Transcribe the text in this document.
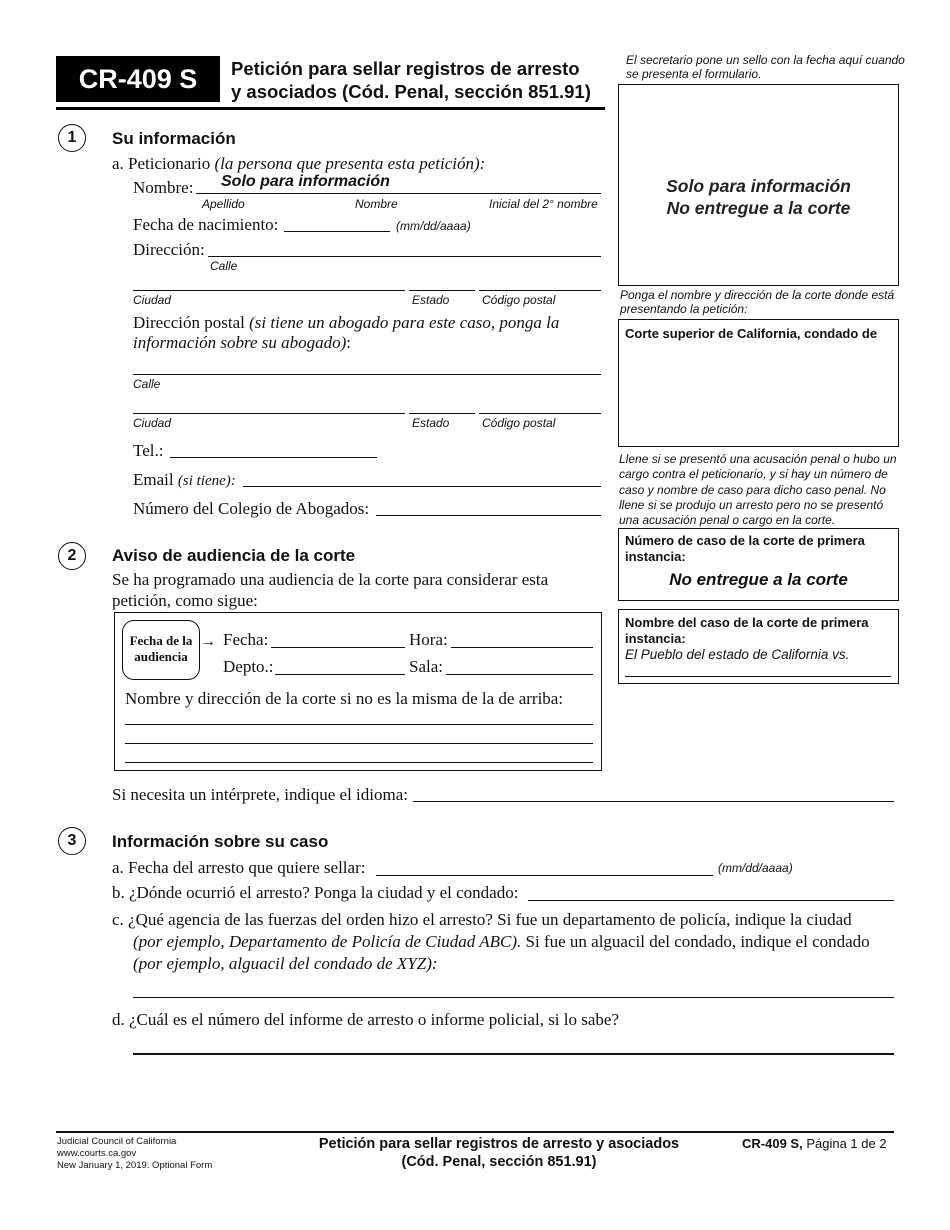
CR-409 S	Petición para sellar registros de arresto
y asociados (Cód. Penal, sección 851.91)
El secretario pone un sello con la fecha aquí cuando se presenta el formulario.
Solo para información
No entregue a la corte
Ponga el nombre y dirección de la corte donde está presentando la petición:
Corte superior de California, condado de
Llene si se presentó una acusación penal o hubo un cargo contra el peticionario, y si hay un número de caso y nombre de caso para dicho caso penal. No llene si se produjo un arresto pero no se presentó una acusación penal o cargo en la corte.
Número de caso de la corte de primera instancia:
No entregue a la corte
Nombre del caso de la corte de primera instancia:
El Pueblo del estado de California vs.
1	Su información
a. Peticionario (la persona que presenta esta petición):
Nombre: Solo para información
Apellido	Nombre	Inicial del 2° nombre
Fecha de nacimiento:	(mm/dd/aaaa)
Dirección:
Calle
Ciudad	Estado	Código postal
Dirección postal (si tiene un abogado para este caso, ponga la
información sobre su abogado):
Calle
Ciudad	Estado	Código postal
Tel.:
Email (si tiene):
Número del Colegio de Abogados:
2	Aviso de audiencia de la corte
Se ha programado una audiencia de la corte para considerar esta
petición, como sigue:
Fecha de la
audiencia
→ Fecha:	Hora:
Depto.:	Sala:
Nombre y dirección de la corte si no es la misma de la de arriba:
Si necesita un intérprete, indique el idioma:
3	Información sobre su caso
a. Fecha del arresto que quiere sellar:	(mm/dd/aaaa)
b. ¿Dónde ocurrió el arresto? Ponga la ciudad y el condado:
c. ¿Qué agencia de las fuerzas del orden hizo el arresto? Si fue un departamento de policía, indique la ciudad
(por ejemplo, Departamento de Policía de Ciudad ABC). Si fue un alguacil del condado, indique el condado
(por ejemplo, alguacil del condado de XYZ):
d. ¿Cuál es el número del informe de arresto o informe policial, si lo sabe?
Judicial Council of California
www.courts.ca.gov
New January 1, 2019. Optional Form
Petición para sellar registros de arresto y asociados
(Cód. Penal, sección 851.91)
CR-409 S, Página 1 de 2
